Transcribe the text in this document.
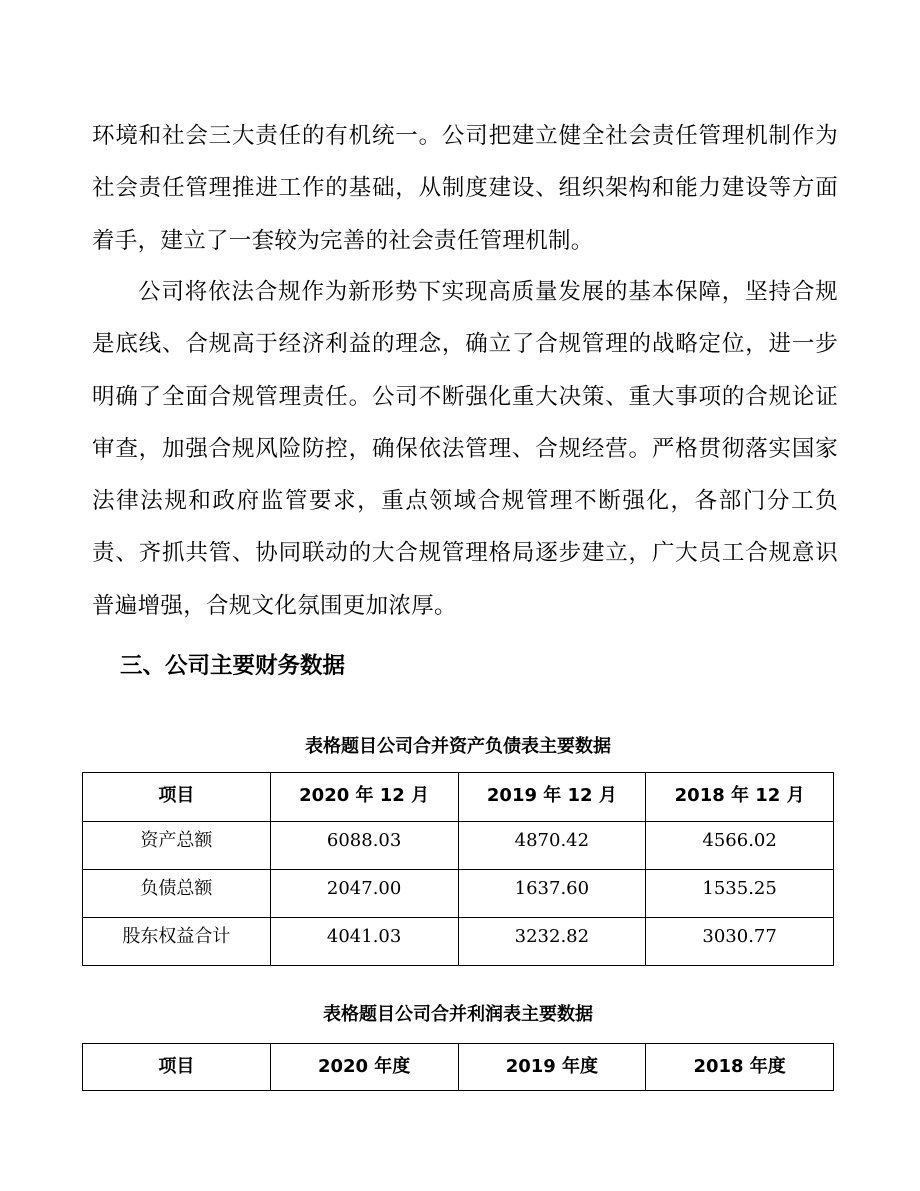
环境和社会三大责任的有机统一。公司把建立健全社会责任管理机制作为社会责任管理推进工作的基础，从制度建设、组织架构和能力建设等方面着手，建立了一套较为完善的社会责任管理机制。

公司将依法合规作为新形势下实现高质量发展的基本保障，坚持合规是底线、合规高于经济利益的理念，确立了合规管理的战略定位，进一步明确了全面合规管理责任。公司不断强化重大决策、重大事项的合规论证审查，加强合规风险防控，确保依法管理、合规经营。严格贯彻落实国家法律法规和政府监管要求，重点领域合规管理不断强化，各部门分工负责、齐抓共管、协同联动的大合规管理格局逐步建立，广大员工合规意识普遍增强，合规文化氛围更加浓厚。

三、公司主要财务数据

表格题目公司合并资产负债表主要数据

项目	2020 年 12 月	2019 年 12 月	2018 年 12 月
资产总额	6088.03	4870.42	4566.02
负债总额	2047.00	1637.60	1535.25
股东权益合计	4041.03	3232.82	3030.77

表格题目公司合并利润表主要数据

项目	2020 年度	2019 年度	2018 年度
